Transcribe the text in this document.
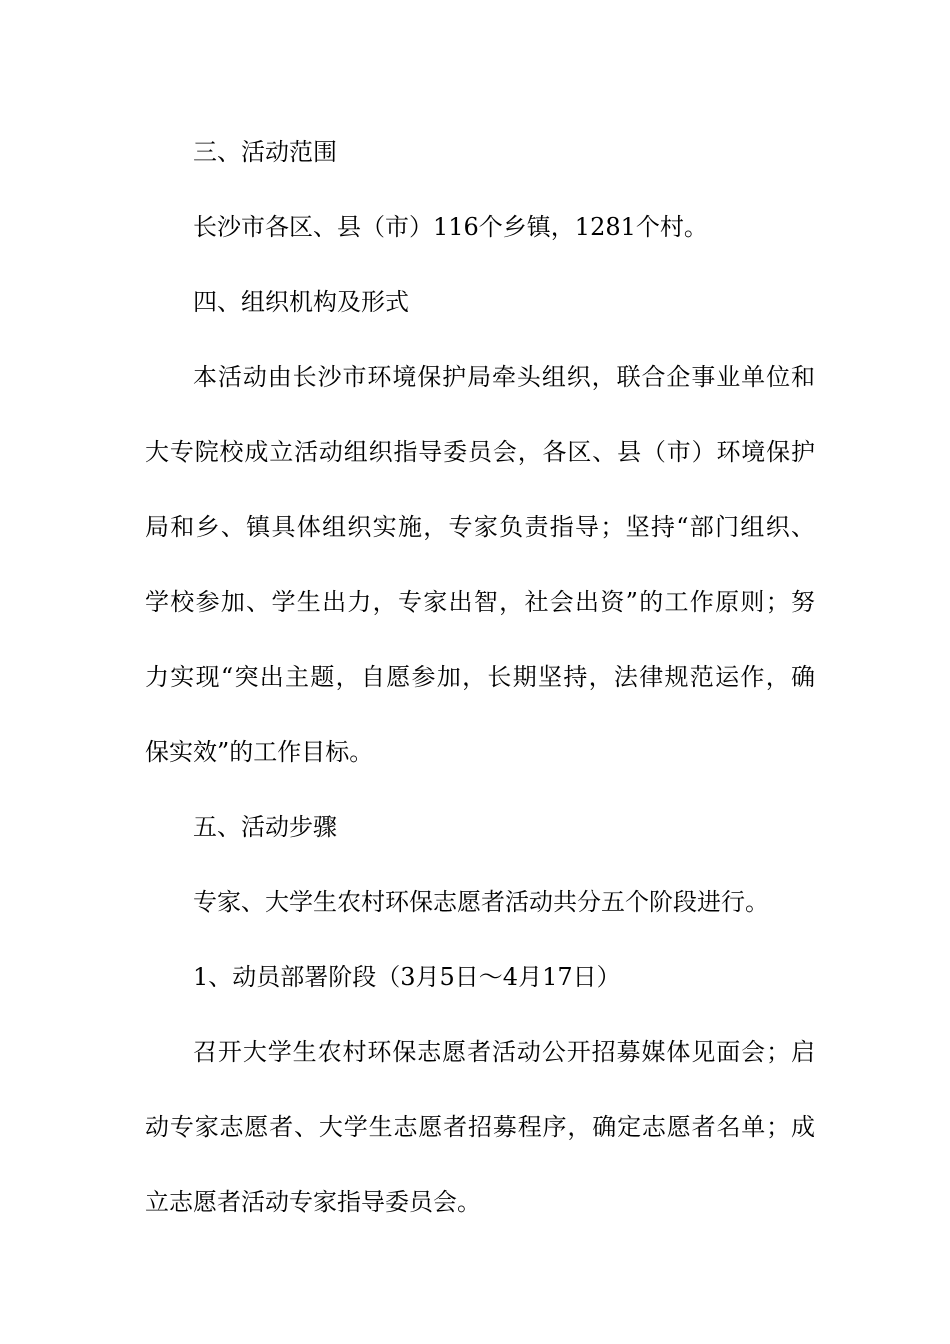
三、活动范围

长沙市各区、县（市）116个乡镇，1281个村。

四、组织机构及形式

本活动由长沙市环境保护局牵头组织，联合企事业单位和

大专院校成立活动组织指导委员会，各区、县（市）环境保护

局和乡、镇具体组织实施，专家负责指导；坚持“部门组织、

学校参加、学生出力，专家出智，社会出资”的工作原则；努

力实现“突出主题，自愿参加，长期坚持，法律规范运作，确

保实效”的工作目标。

五、活动步骤

专家、大学生农村环保志愿者活动共分五个阶段进行。

1、动员部署阶段（3月5日～4月17日）

召开大学生农村环保志愿者活动公开招募媒体见面会；启

动专家志愿者、大学生志愿者招募程序，确定志愿者名单；成

立志愿者活动专家指导委员会。
